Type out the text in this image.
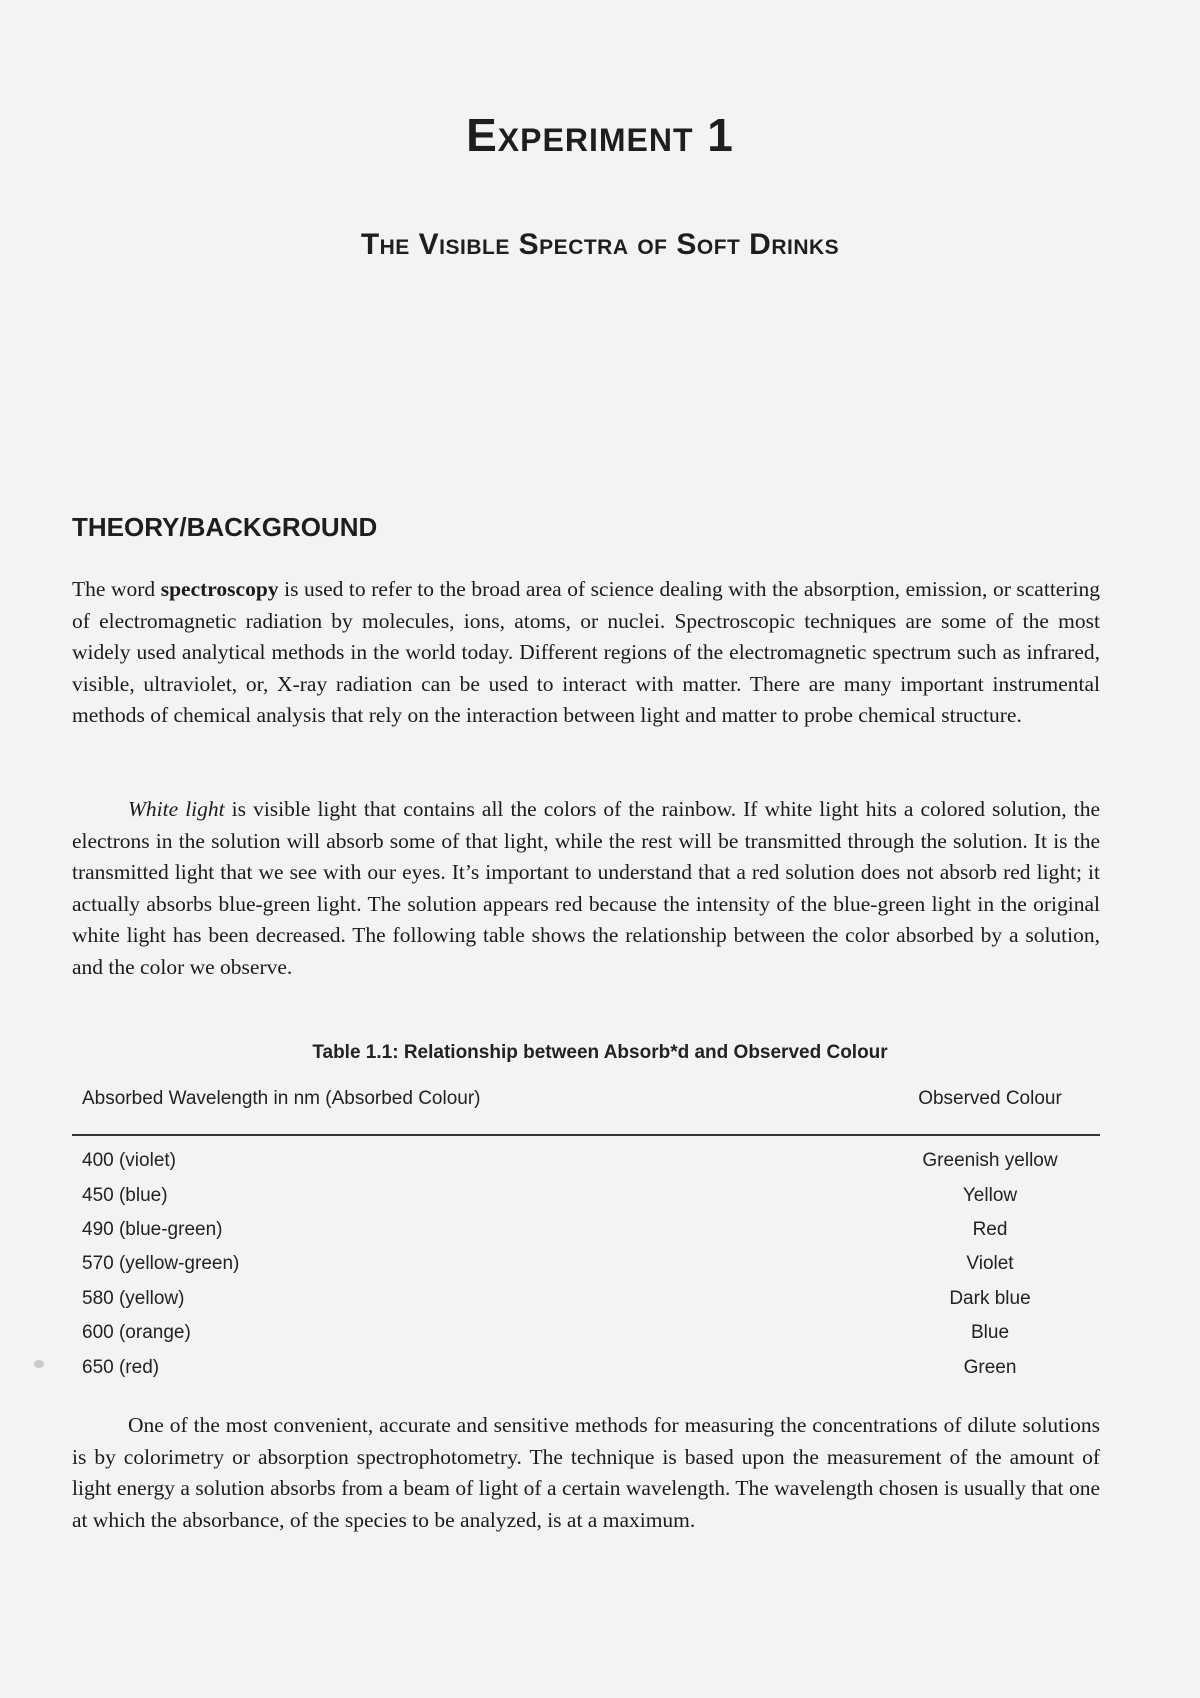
Experiment 1
The Visible Spectra of Soft Drinks
THEORY/BACKGROUND

The word spectroscopy is used to refer to the broad area of science dealing with the absorption, emission, or scattering of electromagnetic radiation by molecules, ions, atoms, or nuclei. Spectroscopic techniques are some of the most widely used analytical methods in the world today. Different regions of the electromagnetic spectrum such as infrared, visible, ultraviolet, or, X-ray radiation can be used to interact with matter. There are many important instrumental methods of chemical analysis that rely on the interaction between light and matter to probe chemical structure.

White light is visible light that contains all the colors of the rainbow. If white light hits a colored solution, the electrons in the solution will absorb some of that light, while the rest will be transmitted through the solution. It is the transmitted light that we see with our eyes. It’s important to understand that a red solution does not absorb red light; it actually absorbs blue-green light. The solution appears red because the intensity of the blue-green light in the original white light has been decreased. The following table shows the relationship between the color absorbed by a solution, and the color we observe.

Table 1.1: Relationship between Absorb*d and Observed Colour
Absorbed Wavelength in nm (Absorbed Colour)	Observed Colour
400 (violet)	Greenish yellow
450 (blue)	Yellow
490 (blue-green)	Red
570 (yellow-green)	Violet
580 (yellow)	Dark blue
600 (orange)	Blue
650 (red)	Green

One of the most convenient, accurate and sensitive methods for measuring the concentrations of dilute solutions is by colorimetry or absorption spectrophotometry. The technique is based upon the measurement of the amount of light energy a solution absorbs from a beam of light of a certain wavelength. The wavelength chosen is usually that one at which the absorbance, of the species to be analyzed, is at a maximum.
